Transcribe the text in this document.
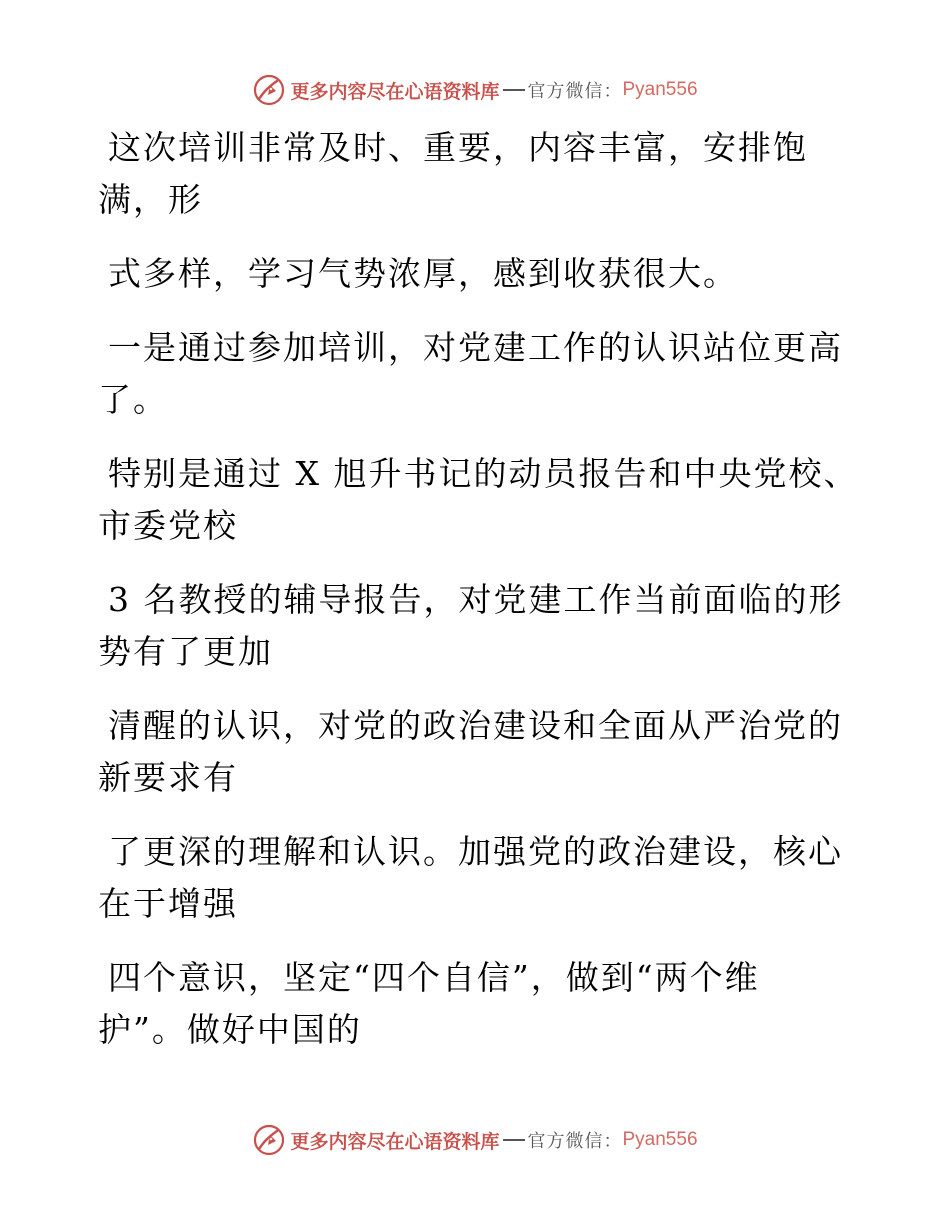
更多内容尽在心语资料库 官方微信： Pyan556

这次培训非常及时、重要，内容丰富，安排饱
满，形

式多样，学习气势浓厚，感到收获很大。

一是通过参加培训，对党建工作的认识站位更高
了。

特别是通过 X 旭升书记的动员报告和中央党校、
市委党校

3 名教授的辅导报告，对党建工作当前面临的形
势有了更加

清醒的认识，对党的政治建设和全面从严治党的
新要求有

了更深的理解和认识。加强党的政治建设，核心
在于增强

四个意识，坚定“四个自信”，做到“两个维
护”。做好中国的

更多内容尽在心语资料库 官方微信： Pyan556
